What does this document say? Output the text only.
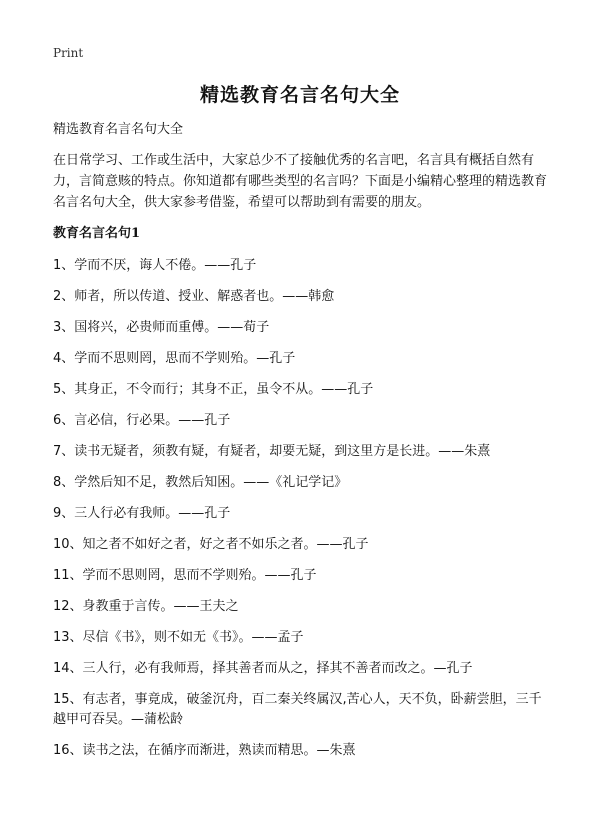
Print
精选教育名言名句大全

精选教育名言名句大全

在日常学习、工作或生活中，大家总少不了接触优秀的名言吧，名言具有概括自然有力，言简意赅的特点。你知道都有哪些类型的名言吗？下面是小编精心整理的精选教育名言名句大全，供大家参考借鉴，希望可以帮助到有需要的朋友。

教育名言名句1
1、学而不厌，诲人不倦。——孔子
2、师者，所以传道、授业、解惑者也。——韩愈
3、国将兴，必贵师而重傅。——荀子
4、学而不思则罔，思而不学则殆。—孔子
5、其身正，不令而行；其身不正，虽令不从。——孔子
6、言必信，行必果。——孔子
7、读书无疑者，须教有疑，有疑者，却要无疑，到这里方是长进。——朱熹
8、学然后知不足，教然后知困。——《礼记学记》
9、三人行必有我师。——孔子
10、知之者不如好之者，好之者不如乐之者。——孔子
11、学而不思则罔，思而不学则殆。——孔子
12、身教重于言传。——王夫之
13、尽信《书》，则不如无《书》。——孟子
14、三人行，必有我师焉，择其善者而从之，择其不善者而改之。—孔子
15、有志者，事竟成，破釜沉舟，百二秦关终属汉,苦心人，天不负，卧薪尝胆，三千越甲可吞吴。—蒲松龄
16、读书之法，在循序而渐进，熟读而精思。—朱熹
